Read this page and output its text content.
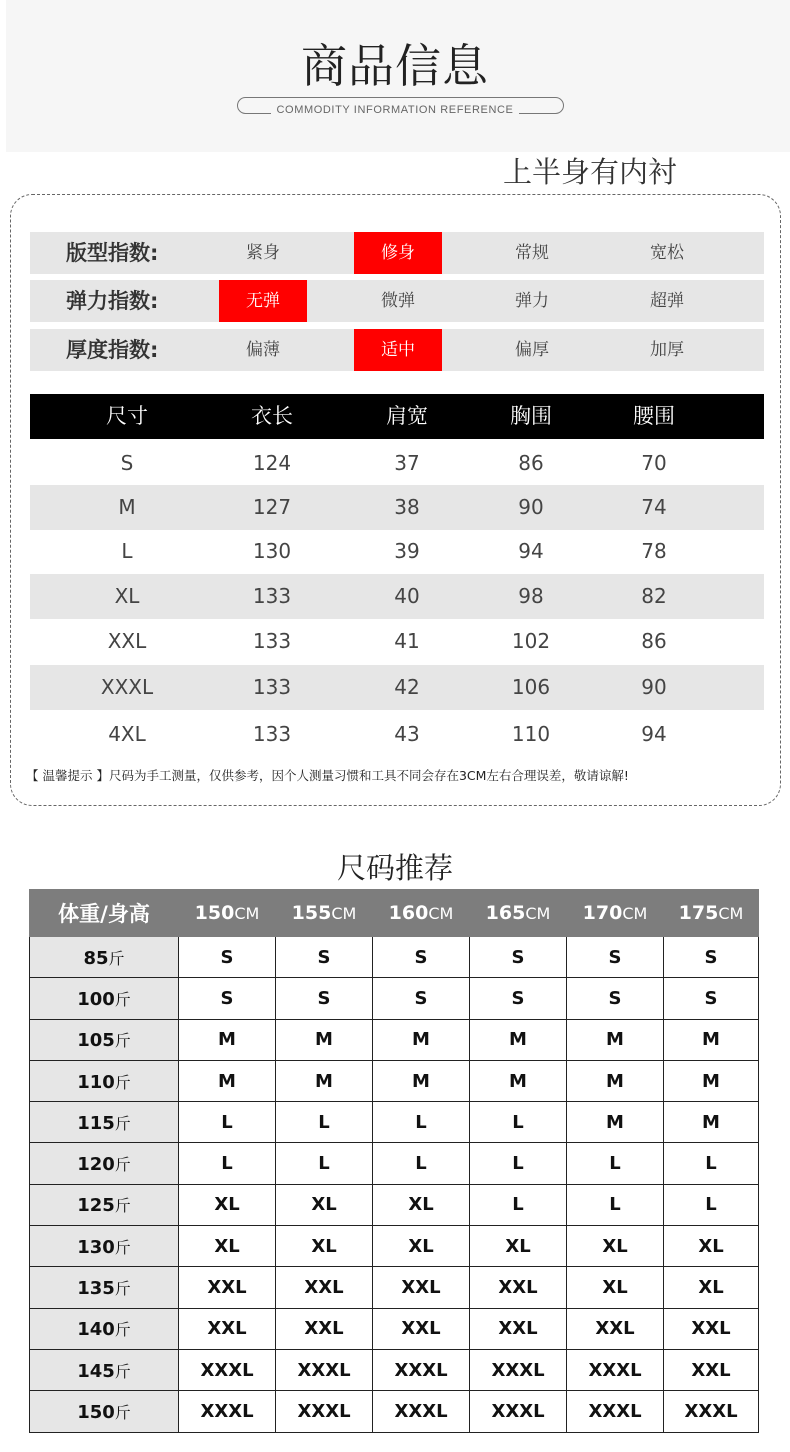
商品信息
COMMODITY INFORMATION REFERENCE
上半身有内衬
版型指数:	紧身	修身	常规	宽松
弹力指数:	无弹	微弹	弹力	超弹
厚度指数:	偏薄	适中	偏厚	加厚
尺寸	衣长	肩宽	胸围	腰围
S	124	37	86	70
M	127	38	90	74
L	130	39	94	78
XL	133	40	98	82
XXL	133	41	102	86
XXXL	133	42	106	90
4XL	133	43	110	94
【 温馨提示 】尺码为手工测量，仅供参考，因个人测量习惯和工具不同会存在3CM左右合理误差，敬请谅解!
尺码推荐
体重/身高	150CM	155CM	160CM	165CM	170CM	175CM
85斤	S	S	S	S	S	S
100斤	S	S	S	S	S	S
105斤	M	M	M	M	M	M
110斤	M	M	M	M	M	M
115斤	L	L	L	L	M	M
120斤	L	L	L	L	L	L
125斤	XL	XL	XL	L	L	L
130斤	XL	XL	XL	XL	XL	XL
135斤	XXL	XXL	XXL	XXL	XL	XL
140斤	XXL	XXL	XXL	XXL	XXL	XXL
145斤	XXXL	XXXL	XXXL	XXXL	XXXL	XXL
150斤	XXXL	XXXL	XXXL	XXXL	XXXL	XXXL
